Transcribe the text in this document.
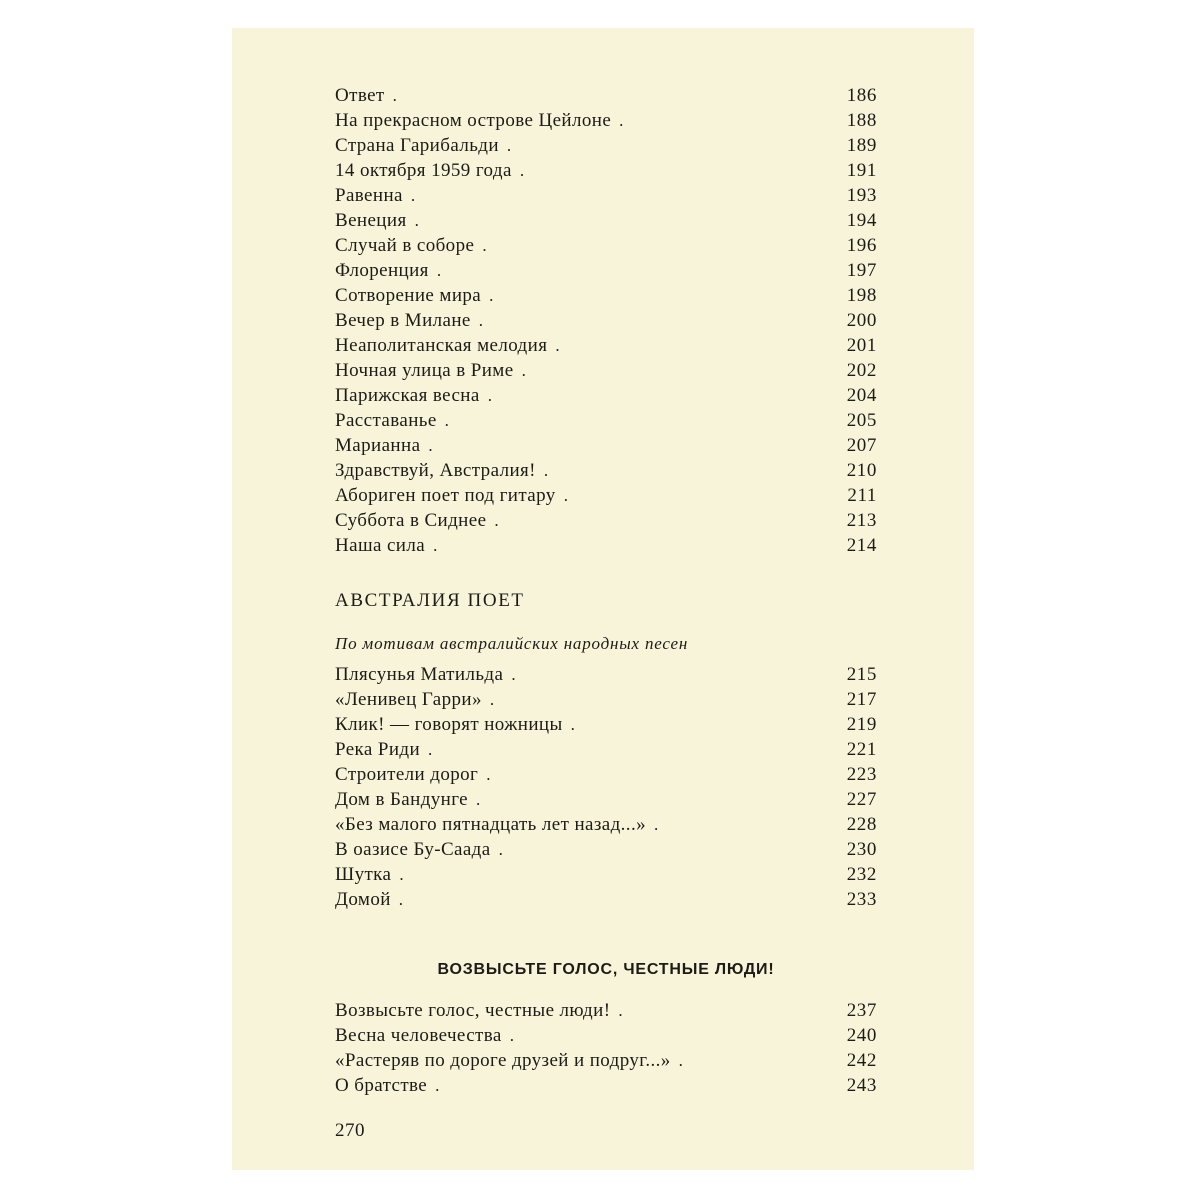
Ответ .	186
На прекрасном острове Цейлоне .	188
Страна Гарибальди .	189
14 октября 1959 года .	191
Равенна .	193
Венеция .	194
Случай в соборе .	196
Флоренция .	197
Сотворение мира .	198
Вечер в Милане .	200
Неаполитанская мелодия .	201
Ночная улица в Риме .	202
Парижская весна .	204
Расставанье .	205
Марианна .	207
Здравствуй, Австралия! .	210
Абориген поет под гитару .	211
Суббота в Сиднее .	213
Наша сила .	214
АВСТРАЛИЯ ПОЕТ
По мотивам австралийских народных песен
Плясунья Матильда .	215
«Ленивец Гарри» .	217
Клик! — говорят ножницы .	219
Река Риди .	221
Строители дорог .	223
Дом в Бандунге .	227
«Без малого пятнадцать лет назад...» .	228
В оазисе Бу-Саада .	230
Шутка .	232
Домой .	233
ВОЗВЫСЬТЕ ГОЛОС, ЧЕСТНЫЕ ЛЮДИ!
Возвысьте голос, честные люди! .	237
Весна человечества .	240
«Растеряв по дороге друзей и подруг...» .	242
О братстве .	243
270
